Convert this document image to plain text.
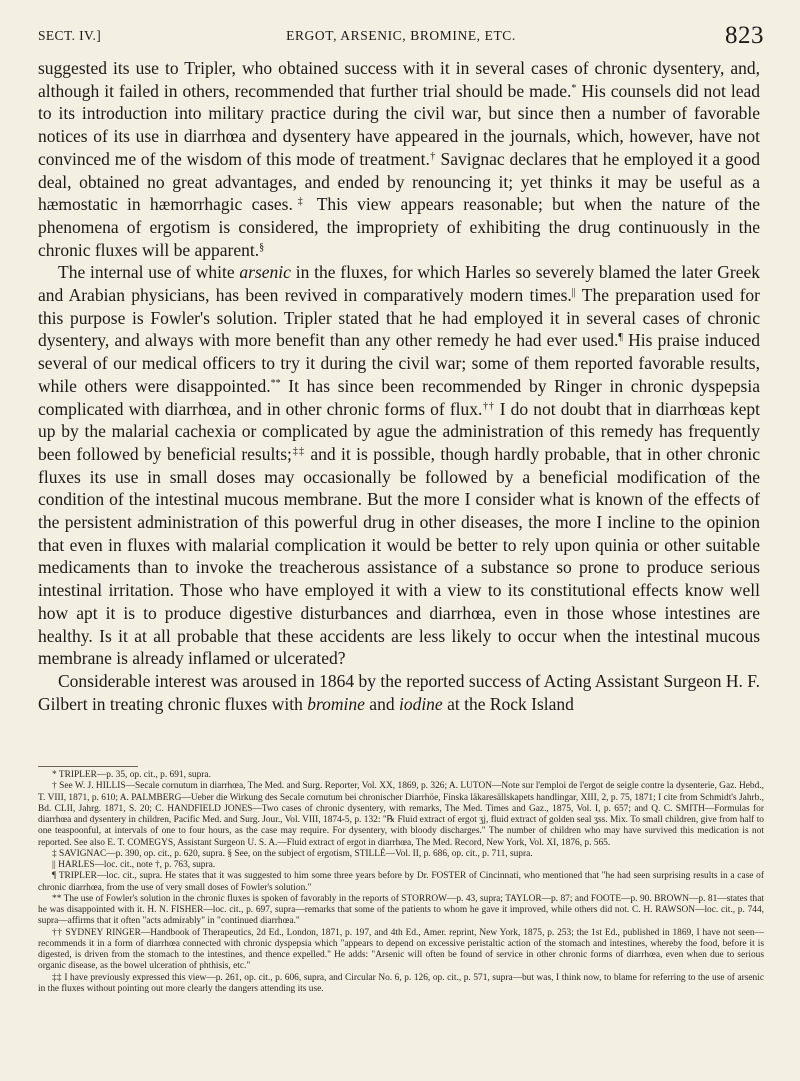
SECT. IV.]	ERGOT, ARSENIC, BROMINE, ETC.	823

suggested its use to Tripler, who obtained success with it in several cases of chronic dysentery, and, although it failed in others, recommended that further trial should be made.* His counsels did not lead to its introduction into military practice during the civil war, but since then a number of favorable notices of its use in diarrhœa and dysentery have appeared in the journals, which, however, have not convinced me of the wisdom of this mode of treatment.† Savignac declares that he employed it a good deal, obtained no great advantages, and ended by renouncing it; yet thinks it may be useful as a hæmostatic in hæmorrhagic cases.‡ This view appears reasonable; but when the nature of the phenomena of ergotism is considered, the impropriety of exhibiting the drug continuously in the chronic fluxes will be apparent.§

The internal use of white arsenic in the fluxes, for which Harles so severely blamed the later Greek and Arabian physicians, has been revived in comparatively modern times.|| The preparation used for this purpose is Fowler's solution. Tripler stated that he had employed it in several cases of chronic dysentery, and always with more benefit than any other remedy he had ever used.¶ His praise induced several of our medical officers to try it during the civil war; some of them reported favorable results, while others were disappointed.** It has since been recommended by Ringer in chronic dyspepsia complicated with diarrhœa, and in other chronic forms of flux.†† I do not doubt that in diarrhœas kept up by the malarial cachexia or complicated by ague the administration of this remedy has frequently been followed by beneficial results;‡‡ and it is possible, though hardly probable, that in other chronic fluxes its use in small doses may occasionally be followed by a beneficial modification of the condition of the intestinal mucous membrane. But the more I consider what is known of the effects of the persistent administration of this powerful drug in other diseases, the more I incline to the opinion that even in fluxes with malarial complication it would be better to rely upon quinia or other suitable medicaments than to invoke the treacherous assistance of a substance so prone to produce serious intestinal irritation. Those who have employed it with a view to its constitutional effects know well how apt it is to produce digestive disturbances and diarrhœa, even in those whose intestines are healthy. Is it at all probable that these accidents are less likely to occur when the intestinal mucous membrane is already inflamed or ulcerated?

Considerable interest was aroused in 1864 by the reported success of Acting Assistant Surgeon H. F. Gilbert in treating chronic fluxes with bromine and iodine at the Rock Island

* TRIPLER—p. 35, op. cit., p. 691, supra.

† See W. J. HILLIS—Secale cornutum in diarrhœa, The Med. and Surg. Reporter, Vol. XX, 1869, p. 326; A. LUTON—Note sur l'emploi de l'ergot de seigle contre la dysenterie, Gaz. Hebd., T. VIII, 1871, p. 610; A. PALMBERG—Ueber die Wirkung des Secale cornutum bei chronischer Diarrhöe, Finska läkaresällskapets handlingar, XIII, 2, p. 75, 1871; I cite from Schmidt's Jahrb., Bd. CLII, Jahrg. 1871, S. 20; C. HANDFIELD JONES—Two cases of chronic dysentery, with remarks, The Med. Times and Gaz., 1875, Vol. I, p. 657; and Q. C. SMITH—Formulas for diarrhœa and dysentery in children, Pacific Med. and Surg. Jour., Vol. VIII, 1874-5, p. 132: "℞ Fluid extract of ergot ʒj, fluid extract of golden seal ʒss. Mix. To small children, give from half to one teaspoonful, at intervals of one to four hours, as the case may require. For dysentery, with bloody discharges." The number of children who may have survived this medication is not reported. See also E. T. COMEGYS, Assistant Surgeon U. S. A.—Fluid extract of ergot in diarrhœa, The Med. Record, New York, Vol. XI, 1876, p. 565.

‡ SAVIGNAC—p. 390, op. cit., p. 620, supra. § See, on the subject of ergotism, STILLÉ—Vol. II, p. 686, op. cit., p. 711, supra.

|| HARLES—loc. cit., note †, p. 763, supra.

¶ TRIPLER—loc. cit., supra. He states that it was suggested to him some three years before by Dr. FOSTER of Cincinnati, who mentioned that "he had seen surprising results in a case of chronic diarrhœa, from the use of very small doses of Fowler's solution."

** The use of Fowler's solution in the chronic fluxes is spoken of favorably in the reports of STORROW—p. 43, supra; TAYLOR—p. 87; and FOOTE—p. 90. BROWN—p. 81—states that he was disappointed with it. H. N. FISHER—loc. cit., p. 697, supra—remarks that some of the patients to whom he gave it improved, while others did not. C. H. RAWSON—loc. cit., p. 744, supra—affirms that it often "acts admirably" in "continued diarrhœa."

†† SYDNEY RINGER—Handbook of Therapeutics, 2d Ed., London, 1871, p. 197, and 4th Ed., Amer. reprint, New York, 1875, p. 253; the 1st Ed., published in 1869, I have not seen—recommends it in a form of diarrhœa connected with chronic dyspepsia which "appears to depend on excessive peristaltic action of the stomach and intestines, whereby the food, before it is digested, is driven from the stomach to the intestines, and thence expelled." He adds: "Arsenic will often be found of service in other chronic forms of diarrhœa, even when due to serious organic disease, as the bowel ulceration of phthisis, etc."

‡‡ I have previously expressed this view—p. 261, op. cit., p. 606, supra, and Circular No. 6, p. 126, op. cit., p. 571, supra—but was, I think now, to blame for referring to the use of arsenic in the fluxes without pointing out more clearly the dangers attending its use.
